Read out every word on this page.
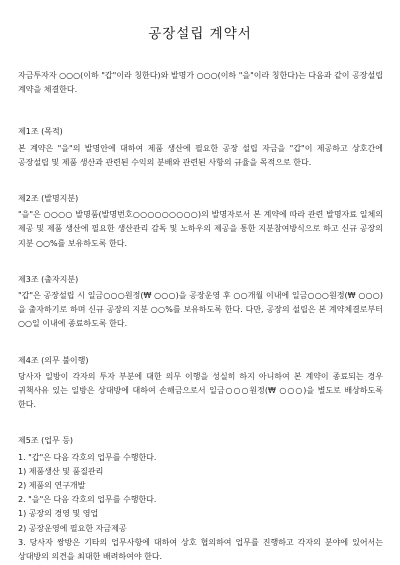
공장설립 계약서

자금투자자 ○○○(이하 "갑"이라 칭한다)와 발명가 ○○○(이하 "을"이라 칭한다)는 다음과 같이 공장설립 계약을 체결한다.

제1조 (목적)

본 계약은 "을"의 발명안에 대하여 제품 생산에 필요한 공장 설립 자금을 "갑"이 제공하고 상호간에 공장설립 및 제품 생산과 관련된 수익의 분배와 관련된 사항의 규율을 목적으로 한다.

제2조 (발명지분)

"을"은 ○○○○ 발명품(발명번호○○○○○○○○○)의 발명자로서 본 계약에 따라 관련 발명자료 일체의 제공 및 제품 생산에 필요한 생산관리 감독 및 노하우의 제공을 통한 지분참여방식으로 하고 신규 공장의 지분 ○○%를 보유하도록 한다.

제3조 (출자지분)

"갑"은 공장설립 시 일금○○○원정(₩ ○○○)을 공장운영 후 ○○개월 이내에 일금○○○원정(₩ ○○○)을 출자하기로 하며 신규 공장의 지분 ○○%를 보유하도록 한다. 다만, 공장의 설립은 본 계약체결로부터 ○○일 이내에 종료하도록 한다.

제4조 (의무 불이행)

당사자 일방이 각자의 투자 부분에 대한 의무 이행을 성실히 하지 아니하여 본 계약이 종료되는 경우 귀책사유 있는 일방은 상대방에 대하여 손해금으로서 일금○○○원정(₩ ○○○)을 별도로 배상하도록 한다.

제5조 (업무 등)
1. "갑"은 다음 각호의 업무를 수행한다.
1) 제품생산 및 품질관리
2) 제품의 연구개발
2. "을"은 다음 각호의 업무를 수행한다.
1) 공장의 경영 및 영업
2) 공장운영에 필요한 자금제공

3. 당사자 쌍방은 기타의 업무사항에 대하여 상호 협의하여 업무를 진행하고 각자의 분야에 있어서는 상대방의 의견을 최대한 배려하여야 한다.
